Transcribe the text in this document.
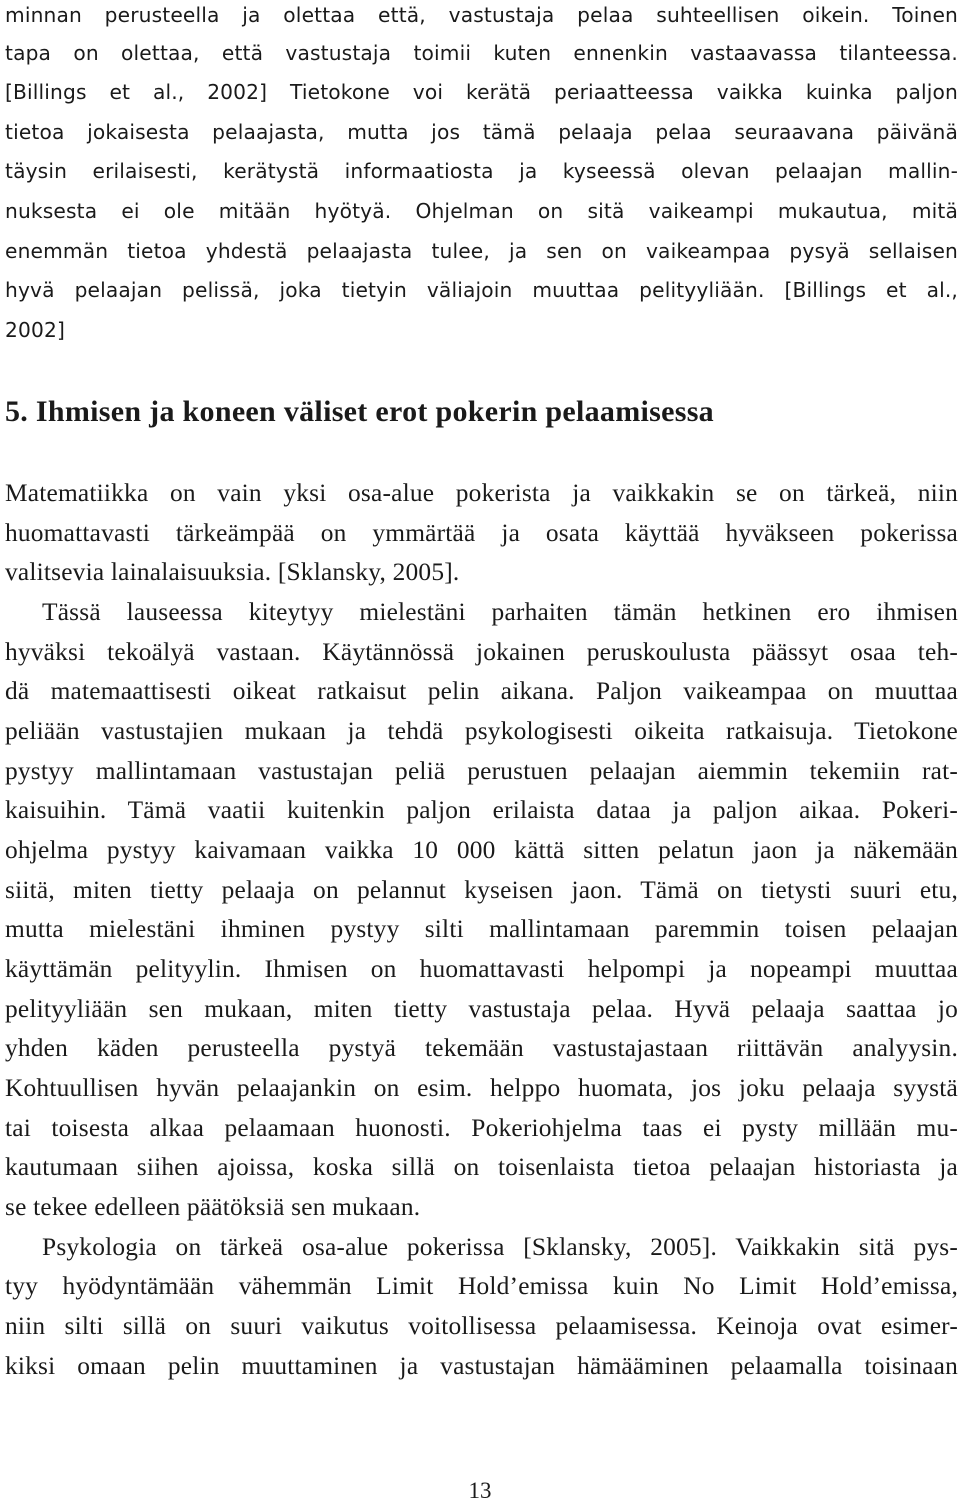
minnan perusteella ja olettaa että, vastustaja pelaa suhteellisen oikein. Toinen
tapa on olettaa, että vastustaja toimii kuten ennenkin vastaavassa tilanteessa.
[Billings et al., 2002] Tietokone voi kerätä periaatteessa vaikka kuinka paljon
tietoa jokaisesta pelaajasta, mutta jos tämä pelaaja pelaa seuraavana päivänä
täysin erilaisesti, kerätystä informaatiosta ja kyseessä olevan pelaajan mallin-
nuksesta ei ole mitään hyötyä. Ohjelman on sitä vaikeampi mukautua, mitä
enemmän tietoa yhdestä pelaajasta tulee, ja sen on vaikeampaa pysyä sellaisen
hyvä pelaajan pelissä, joka tietyin väliajoin muuttaa pelityyliään. [Billings et al.,
2002]
5. Ihmisen ja koneen väliset erot pokerin pelaamisessa
Matematiikka on vain yksi osa-alue pokerista ja vaikkakin se on tärkeä, niin
huomattavasti tärkeämpää on ymmärtää ja osata käyttää hyväkseen pokerissa
valitsevia lainalaisuuksia. [Sklansky, 2005].
Tässä lauseessa kiteytyy mielestäni parhaiten tämän hetkinen ero ihmisen
hyväksi tekoälyä vastaan. Käytännössä jokainen peruskoulusta päässyt osaa teh-
dä matemaattisesti oikeat ratkaisut pelin aikana. Paljon vaikeampaa on muuttaa
peliään vastustajien mukaan ja tehdä psykologisesti oikeita ratkaisuja. Tietokone
pystyy mallintamaan vastustajan peliä perustuen pelaajan aiemmin tekemiin rat-
kaisuihin. Tämä vaatii kuitenkin paljon erilaista dataa ja paljon aikaa. Pokeri-
ohjelma pystyy kaivamaan vaikka 10 000 kättä sitten pelatun jaon ja näkemään
siitä, miten tietty pelaaja on pelannut kyseisen jaon. Tämä on tietysti suuri etu,
mutta mielestäni ihminen pystyy silti mallintamaan paremmin toisen pelaajan
käyttämän pelityylin. Ihmisen on huomattavasti helpompi ja nopeampi muuttaa
pelityyliään sen mukaan, miten tietty vastustaja pelaa. Hyvä pelaaja saattaa jo
yhden käden perusteella pystyä tekemään vastustajastaan riittävän analyysin.
Kohtuullisen hyvän pelaajankin on esim. helppo huomata, jos joku pelaaja syystä
tai toisesta alkaa pelaamaan huonosti. Pokeriohjelma taas ei pysty millään mu-
kautumaan siihen ajoissa, koska sillä on toisenlaista tietoa pelaajan historiasta ja
se tekee edelleen päätöksiä sen mukaan.
Psykologia on tärkeä osa-alue pokerissa [Sklansky, 2005]. Vaikkakin sitä pys-
tyy hyödyntämään vähemmän Limit Hold’emissa kuin No Limit Hold’emissa,
niin silti sillä on suuri vaikutus voitollisessa pelaamisessa. Keinoja ovat esimer-
kiksi omaan pelin muuttaminen ja vastustajan hämääminen pelaamalla toisinaan
13
